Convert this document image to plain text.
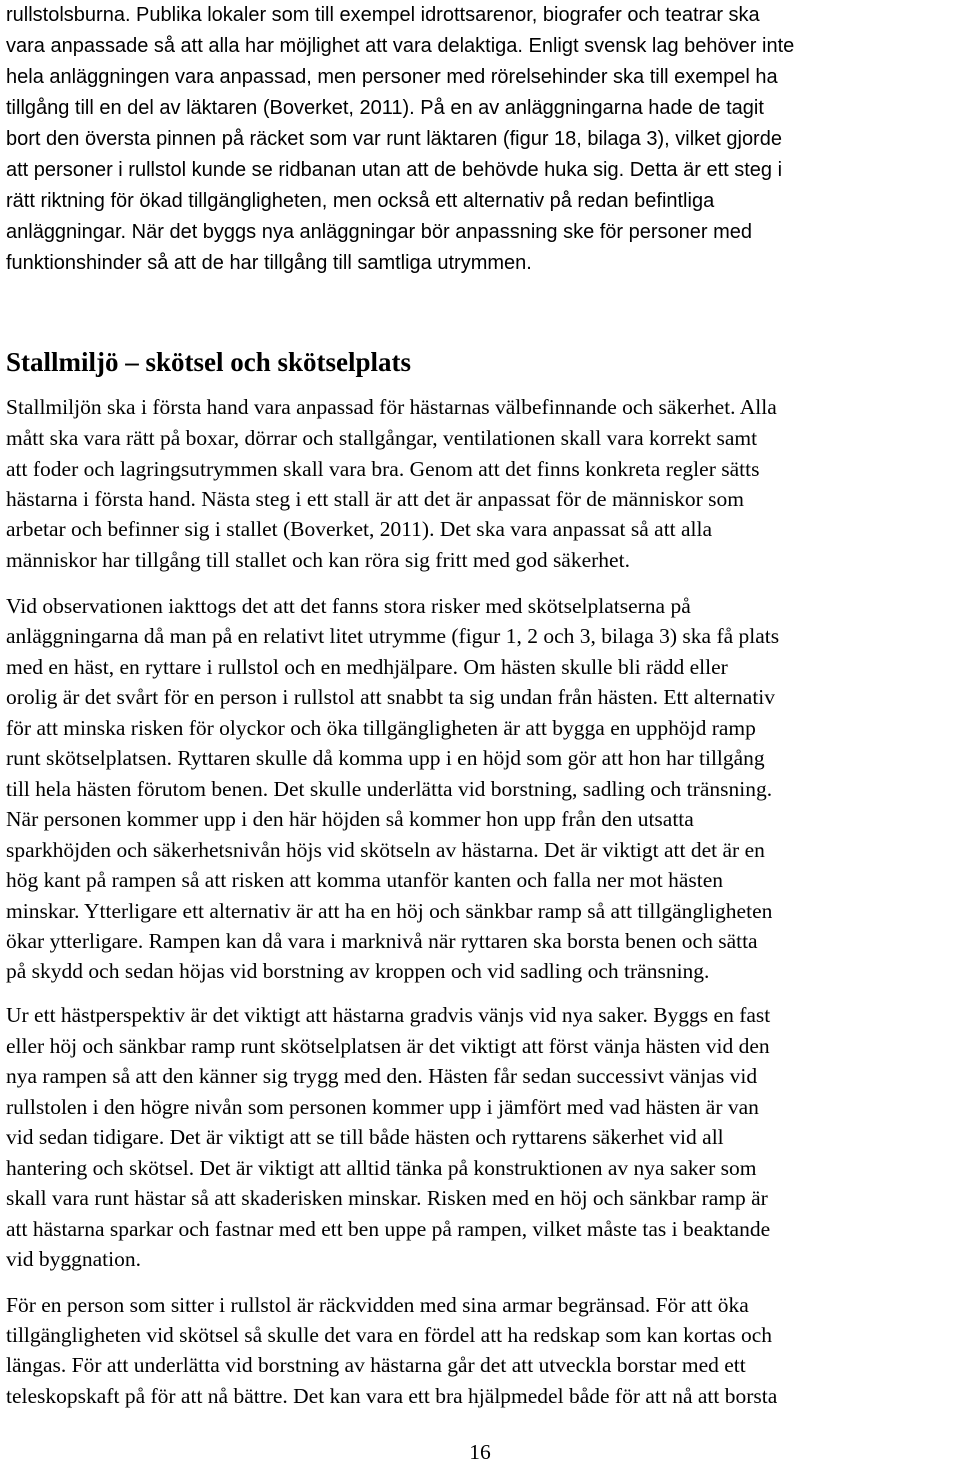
rullstolsburna. Publika lokaler som till exempel idrottsarenor, biografer och teatrar ska
vara anpassade så att alla har möjlighet att vara delaktiga. Enligt svensk lag behöver inte
hela anläggningen vara anpassad, men personer med rörelsehinder ska till exempel ha
tillgång till en del av läktaren (Boverket, 2011). På en av anläggningarna hade de tagit
bort den översta pinnen på räcket som var runt läktaren (figur 18, bilaga 3), vilket gjorde
att personer i rullstol kunde se ridbanan utan att de behövde huka sig. Detta är ett steg i
rätt riktning för ökad tillgängligheten, men också ett alternativ på redan befintliga
anläggningar. När det byggs nya anläggningar bör anpassning ske för personer med
funktionshinder så att de har tillgång till samtliga utrymmen.
Stallmiljö – skötsel och skötselplats
Stallmiljön ska i första hand vara anpassad för hästarnas välbefinnande och säkerhet. Alla
mått ska vara rätt på boxar, dörrar och stallgångar, ventilationen skall vara korrekt samt
att foder och lagringsutrymmen skall vara bra. Genom att det finns konkreta regler sätts
hästarna i första hand. Nästa steg i ett stall är att det är anpassat för de människor som
arbetar och befinner sig i stallet (Boverket, 2011). Det ska vara anpassat så att alla
människor har tillgång till stallet och kan röra sig fritt med god säkerhet.
Vid observationen iakttogs det att det fanns stora risker med skötselplatserna på
anläggningarna då man på en relativt litet utrymme (figur 1, 2 och 3, bilaga 3) ska få plats
med en häst, en ryttare i rullstol och en medhjälpare. Om hästen skulle bli rädd eller
orolig är det svårt för en person i rullstol att snabbt ta sig undan från hästen. Ett alternativ
för att minska risken för olyckor och öka tillgängligheten är att bygga en upphöjd ramp
runt skötselplatsen. Ryttaren skulle då komma upp i en höjd som gör att hon har tillgång
till hela hästen förutom benen. Det skulle underlätta vid borstning, sadling och tränsning.
När personen kommer upp i den här höjden så kommer hon upp från den utsatta
sparkhöjden och säkerhetsnivån höjs vid skötseln av hästarna. Det är viktigt att det är en
hög kant på rampen så att risken att komma utanför kanten och falla ner mot hästen
minskar. Ytterligare ett alternativ är att ha en höj och sänkbar ramp så att tillgängligheten
ökar ytterligare. Rampen kan då vara i marknivå när ryttaren ska borsta benen och sätta
på skydd och sedan höjas vid borstning av kroppen och vid sadling och tränsning.
Ur ett hästperspektiv är det viktigt att hästarna gradvis vänjs vid nya saker. Byggs en fast
eller höj och sänkbar ramp runt skötselplatsen är det viktigt att först vänja hästen vid den
nya rampen så att den känner sig trygg med den. Hästen får sedan successivt vänjas vid
rullstolen i den högre nivån som personen kommer upp i jämfört med vad hästen är van
vid sedan tidigare. Det är viktigt att se till både hästen och ryttarens säkerhet vid all
hantering och skötsel. Det är viktigt att alltid tänka på konstruktionen av nya saker som
skall vara runt hästar så att skaderisken minskar. Risken med en höj och sänkbar ramp är
att hästarna sparkar och fastnar med ett ben uppe på rampen, vilket måste tas i beaktande
vid byggnation.
För en person som sitter i rullstol är räckvidden med sina armar begränsad. För att öka
tillgängligheten vid skötsel så skulle det vara en fördel att ha redskap som kan kortas och
längas. För att underlätta vid borstning av hästarna går det att utveckla borstar med ett
teleskopskaft på för att nå bättre. Det kan vara ett bra hjälpmedel både för att nå att borsta
16
